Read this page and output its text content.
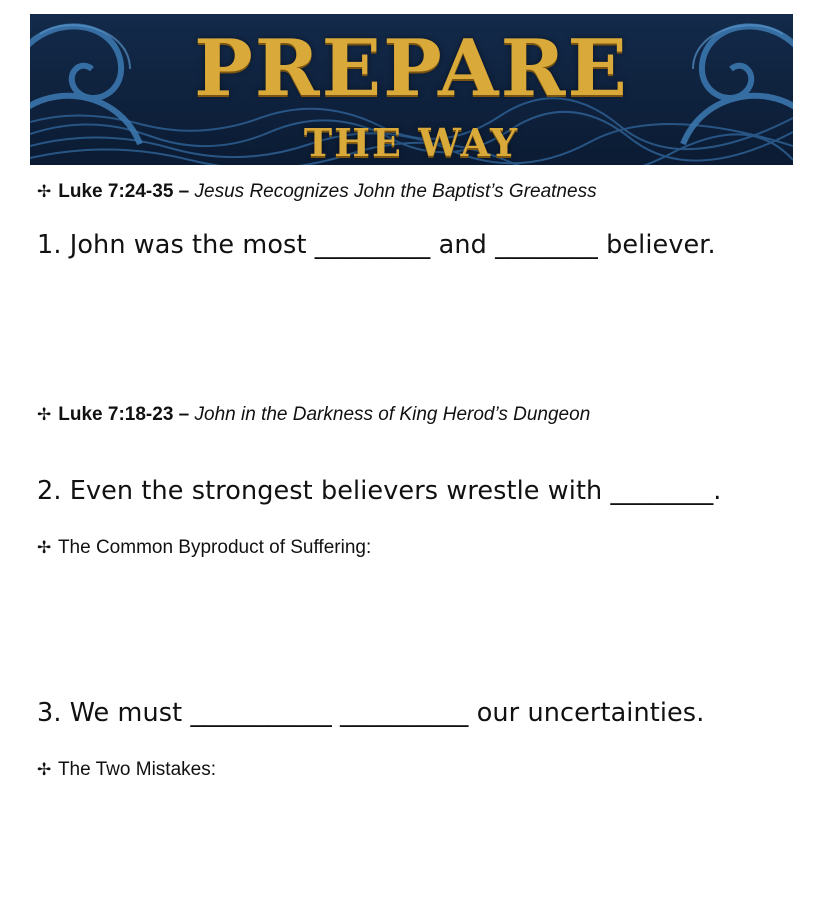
PREPARE
THE WAY
✢ Luke 7:24-35 – Jesus Recognizes John the Baptist’s Greatness
1. John was the most _________ and ________ believer.
✢ Luke 7:18-23 – John in the Darkness of King Herod’s Dungeon
2. Even the strongest believers wrestle with ________.
✢ The Common Byproduct of Suffering:
3. We must ___________ __________ our uncertainties.
✢ The Two Mistakes:
